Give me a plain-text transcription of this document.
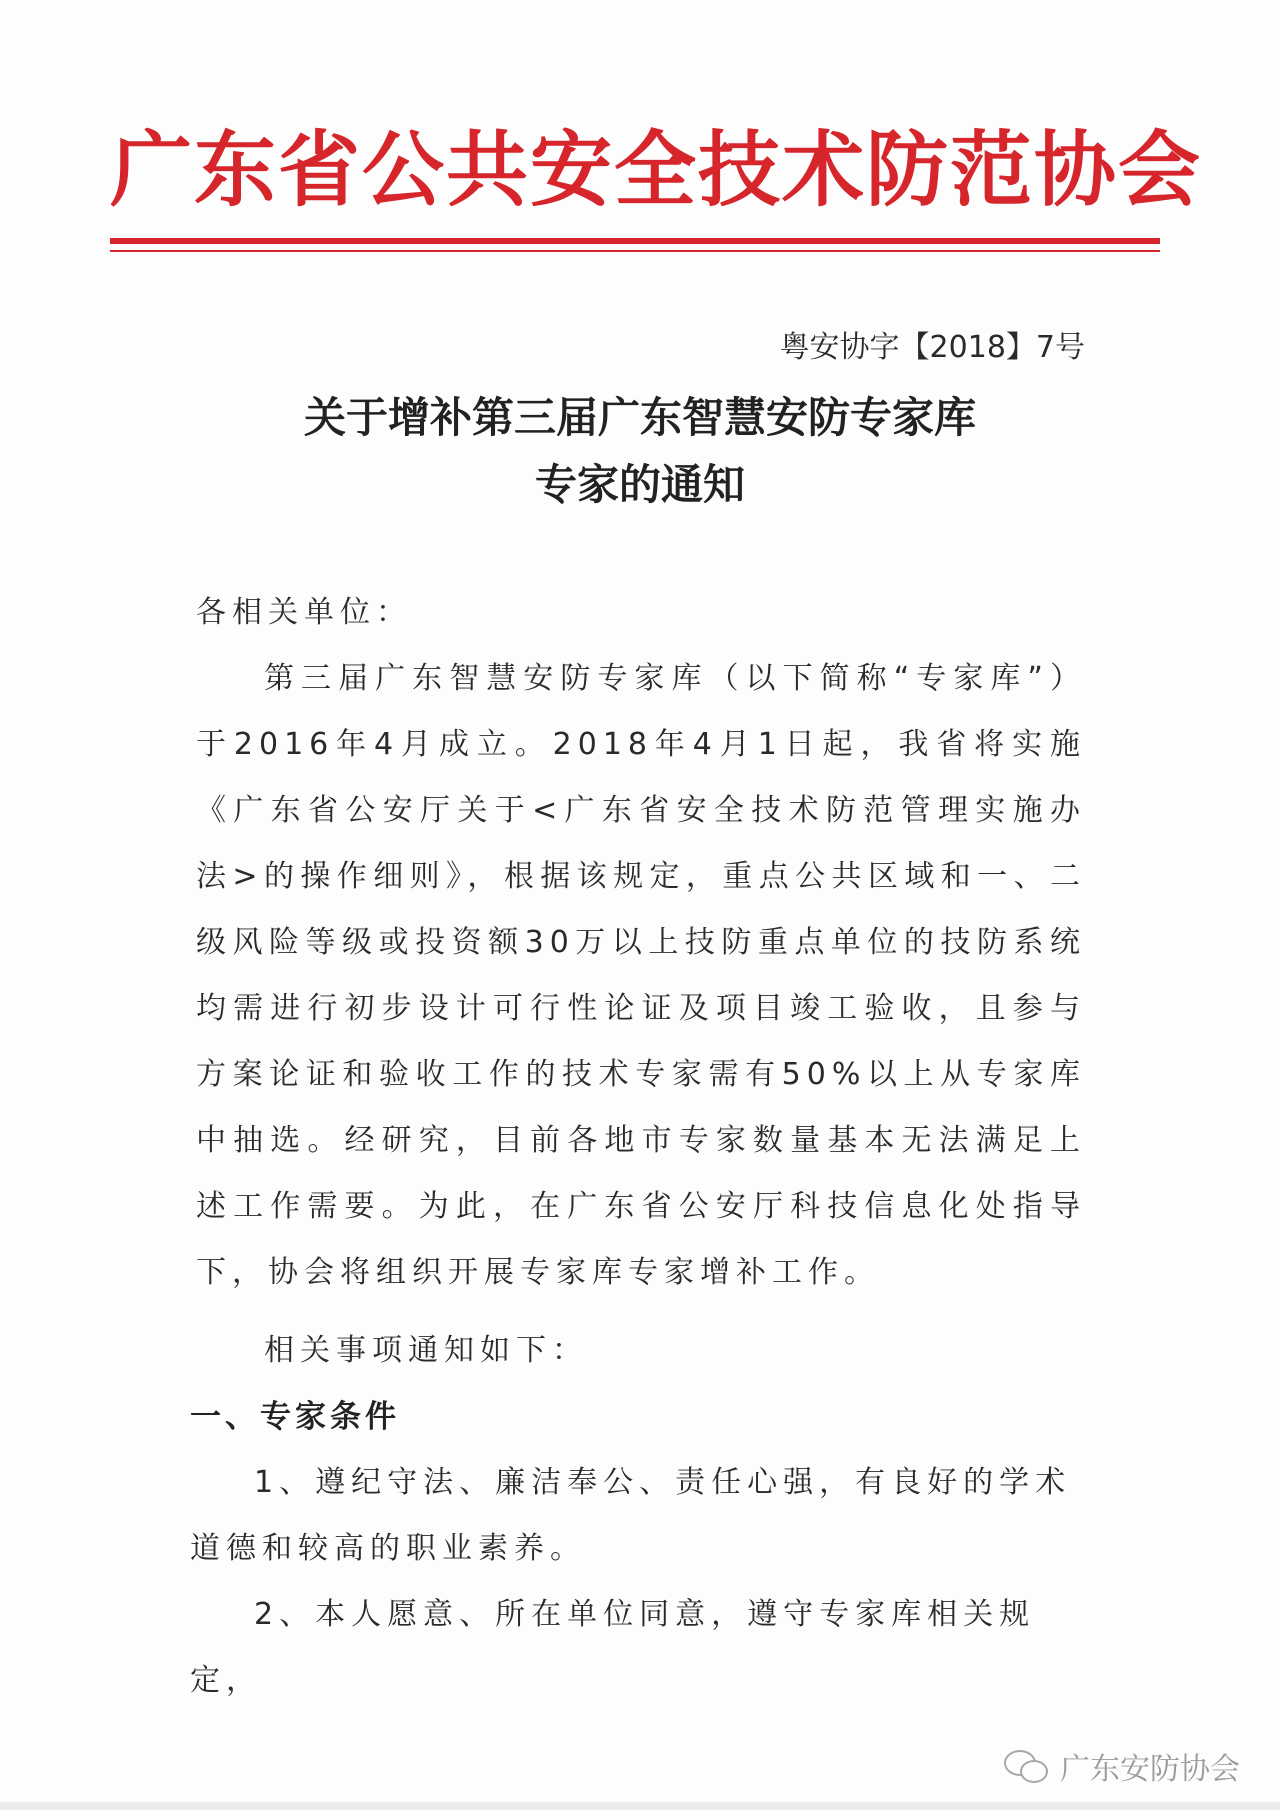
广东省公共安全技术防范协会
粤安协字【2018】7号
关于增补第三届广东智慧安防专家库
专家的通知
各相关单位：
第三届广东智慧安防专家库（以下简称“专家库”）于2016年4月成立。2018年4月1日起，我省将实施《广东省公安厅关于<广东省安全技术防范管理实施办法>的操作细则》，根据该规定，重点公共区域和一、二级风险等级或投资额30万以上技防重点单位的技防系统均需进行初步设计可行性论证及项目竣工验收，且参与方案论证和验收工作的技术专家需有50%以上从专家库中抽选。经研究，目前各地市专家数量基本无法满足上述工作需要。为此，在广东省公安厅科技信息化处指导下，协会将组织开展专家库专家增补工作。
相关事项通知如下：
一、专家条件
1、遵纪守法、廉洁奉公、责任心强，有良好的学术道德和较高的职业素养。
2、本人愿意、所在单位同意，遵守专家库相关规定，
广东安防协会
